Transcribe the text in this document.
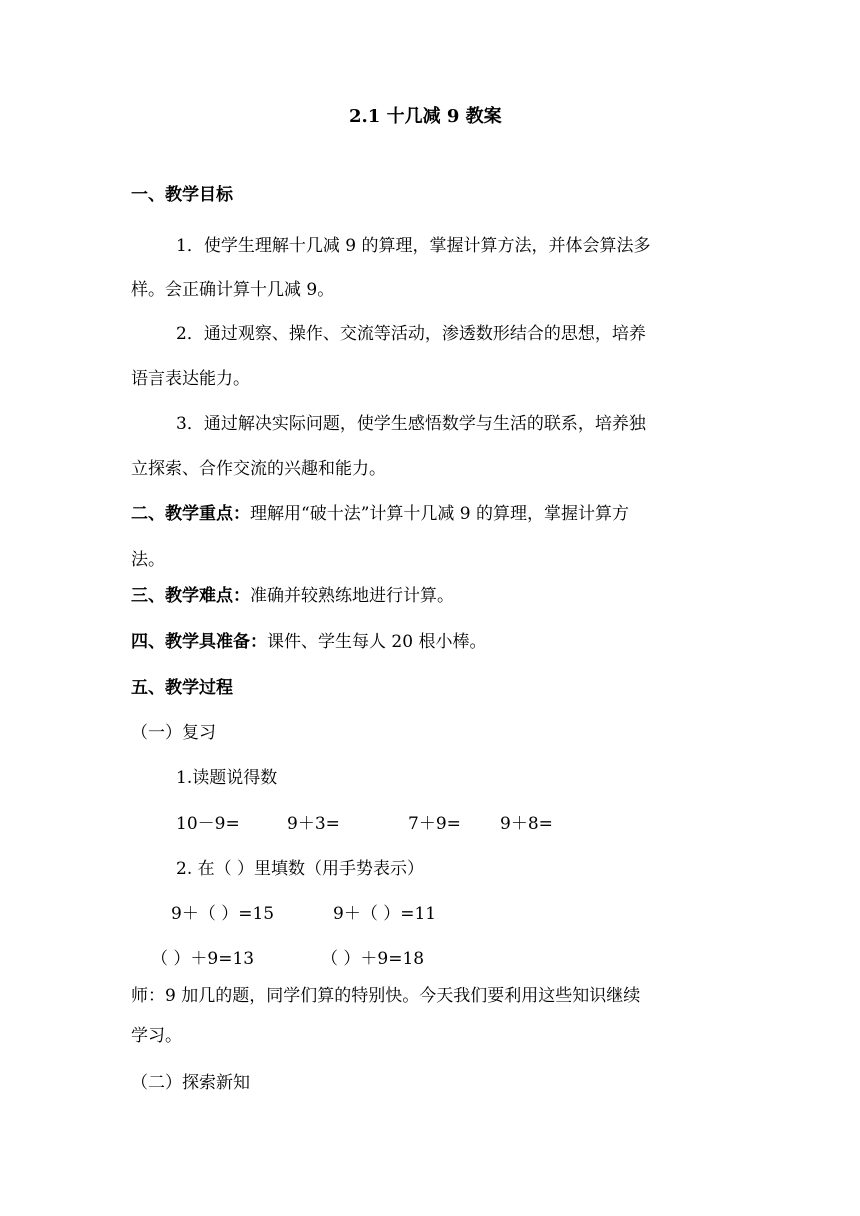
2.1 十几减 9 教案
一、教学目标
1．使学生理解十几减 9 的算理，掌握计算方法，并体会算法多
样。会正确计算十几减 9。
2．通过观察、操作、交流等活动，渗透数形结合的思想，培养
语言表达能力。
3．通过解决实际问题，使学生感悟数学与生活的联系，培养独
立探索、合作交流的兴趣和能力。
二、教学重点：理解用“破十法”计算十几减 9 的算理，掌握计算方
法。
三、教学难点：准确并较熟练地进行计算。
四、教学具准备：课件、学生每人 20 根小棒。
五、教学过程
（一）复习
1.读题说得数
10－9=	9＋3=	7＋9= 9＋8=
2. 在（ ）里填数（用手势表示）
9＋（ ）=15	9＋（ ）=11
（ ）＋9=13	（ ）＋9=18
师：9 加几的题，同学们算的特别快。今天我们要利用这些知识继续
学习。
（二）探索新知
